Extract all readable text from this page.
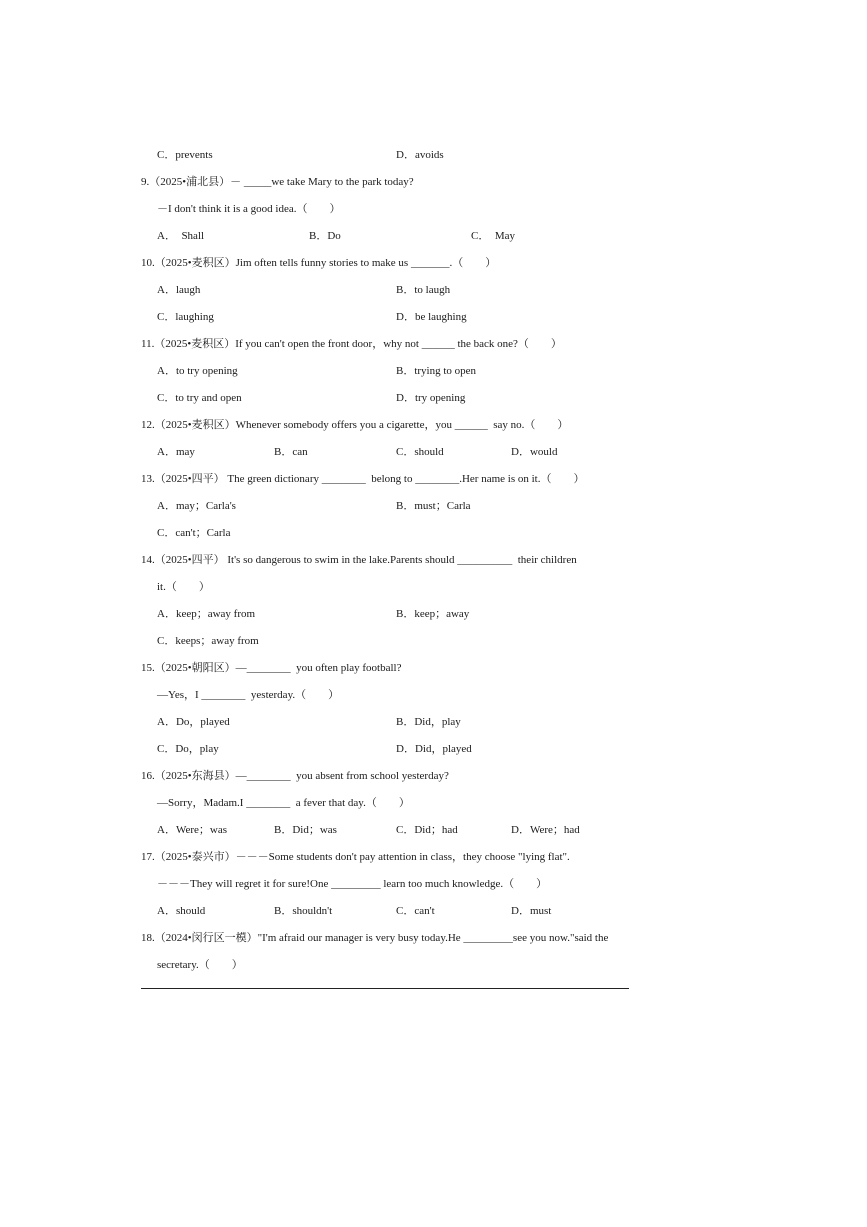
C．prevents	D．avoids
9.（2025•浦北县）－ _____we take Mary to the park today?
－I don't think it is a good idea.（　　）
A．　Shall	B．Do	C．　May
10.（2025•麦积区）Jim often tells funny stories to make us _______.（　　）
A．laugh	B．to laugh
C．laughing	D．be laughing
11.（2025•麦积区）If you can't open the front door，why not ______ the back one?（　　）
A．to try opening	B．trying to open
C．to try and open	D．try opening
12.（2025•麦积区）Whenever somebody offers you a cigarette，you ______  say no.（　　）
A．may	B．can	C．should	D．would
13.（2025•四平） The green dictionary ________  belong to ________.Her name is on it.（　　）
A．may；Carla's	B．must；Carla
C．can't；Carla
14.（2025•四平） It's so dangerous to swim in the lake.Parents should __________  their children
it.（　　）
A．keep；away from	B．keep；away
C．keeps；away from
15.（2025•朝阳区）—________  you often play football?
—Yes，I ________  yesterday.（　　）
A．Do，played	B．Did，play
C．Do，play	D．Did，played
16.（2025•东海县）—________  you absent from school yesterday?
—Sorry，Madam.I ________  a fever that day.（　　）
A．Were；was	B．Did；was	C．Did；had	D．Were；had
17.（2025•泰兴市）－－－Some students don't pay attention in class，they choose "lying flat".
－－－They will regret it for sure!One _________ learn too much knowledge.（　　）
A．should	B．shouldn't	C．can't	D．must
18.（2024•闵行区一模）"I'm afraid our manager is very busy today.He _________see you now."said the
secretary.（　　）
